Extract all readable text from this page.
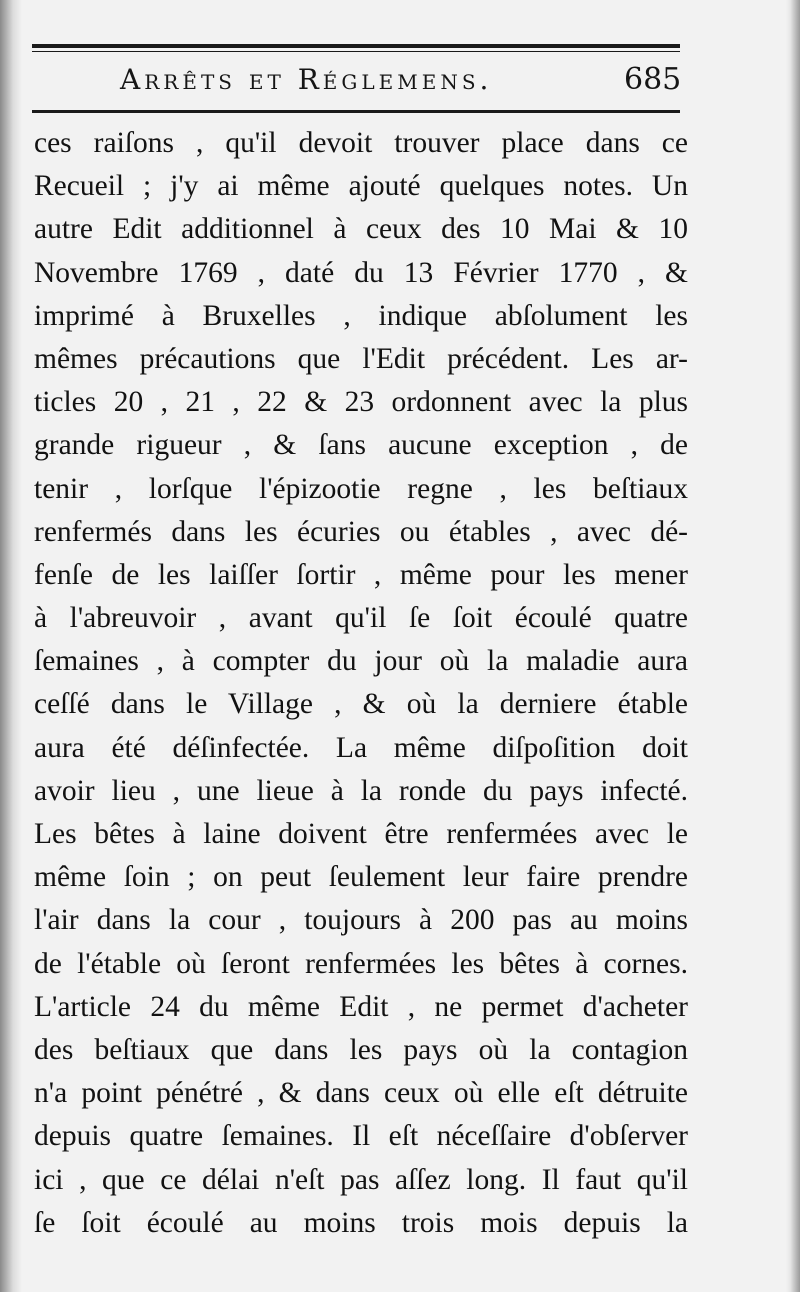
Arrêts et Réglemens.	685
ces raiſons , qu'il devoit trouver place dans ce
Recueil ; j'y ai même ajouté quelques notes. Un
autre Edit additionnel à ceux des 10 Mai & 10
Novembre 1769 , daté du 13 Février 1770 , &
imprimé à Bruxelles , indique abſolument les
mêmes précautions que l'Edit précédent. Les ar-
ticles 20 , 21 , 22 & 23 ordonnent avec la plus
grande rigueur , & ſans aucune exception , de
tenir , lorſque l'épizootie regne , les beſtiaux
renfermés dans les écuries ou étables , avec dé-
fenſe de les laiſſer ſortir , même pour les mener
à l'abreuvoir , avant qu'il ſe ſoit écoulé quatre
ſemaines , à compter du jour où la maladie aura
ceſſé dans le Village , & où la derniere étable
aura été déſinfectée. La même diſpoſition doit
avoir lieu , une lieue à la ronde du pays infecté.
Les bêtes à laine doivent être renfermées avec le
même ſoin ; on peut ſeulement leur faire prendre
l'air dans la cour , toujours à 200 pas au moins
de l'étable où ſeront renfermées les bêtes à cornes.
L'article 24 du même Edit , ne permet d'acheter
des beſtiaux que dans les pays où la contagion
n'a point pénétré , & dans ceux où elle eſt détruite
depuis quatre ſemaines. Il eſt néceſſaire d'obſerver
ici , que ce délai n'eſt pas aſſez long. Il faut qu'il
ſe ſoit écoulé au moins trois mois depuis la
